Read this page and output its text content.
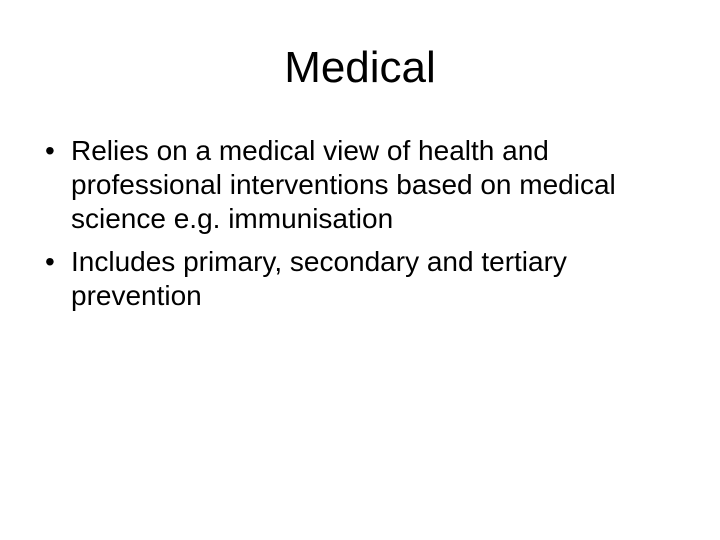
Medical
• Relies on a medical view of health and professional interventions based on medical science e.g. immunisation
• Includes primary, secondary and tertiary prevention
